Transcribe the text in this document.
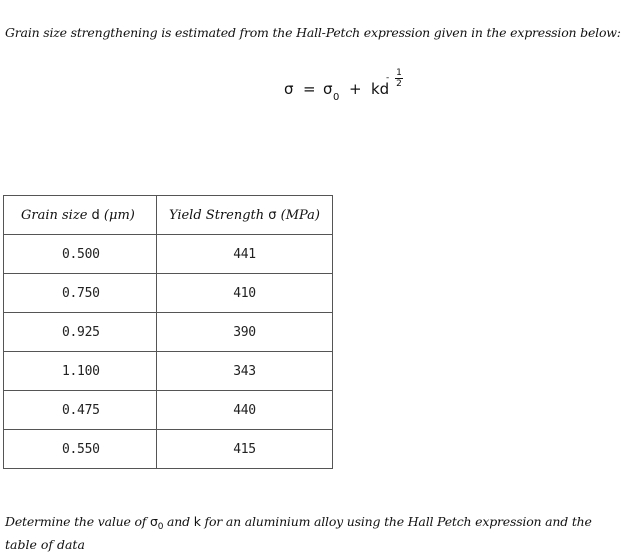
Grain size strengthening is estimated from the Hall-Petch expression given in the expression below:
σ = σ 0 + kd
- 1
2
Grain size d (μm)	Yield Strength σ (MPa)
0.500	441
0.750	410
0.925	390
1.100	343
0.475	440
0.550	415
Determine the value of $\sigma_0$ and k for an aluminium alloy using the Hall Petch expression and the
table of data
